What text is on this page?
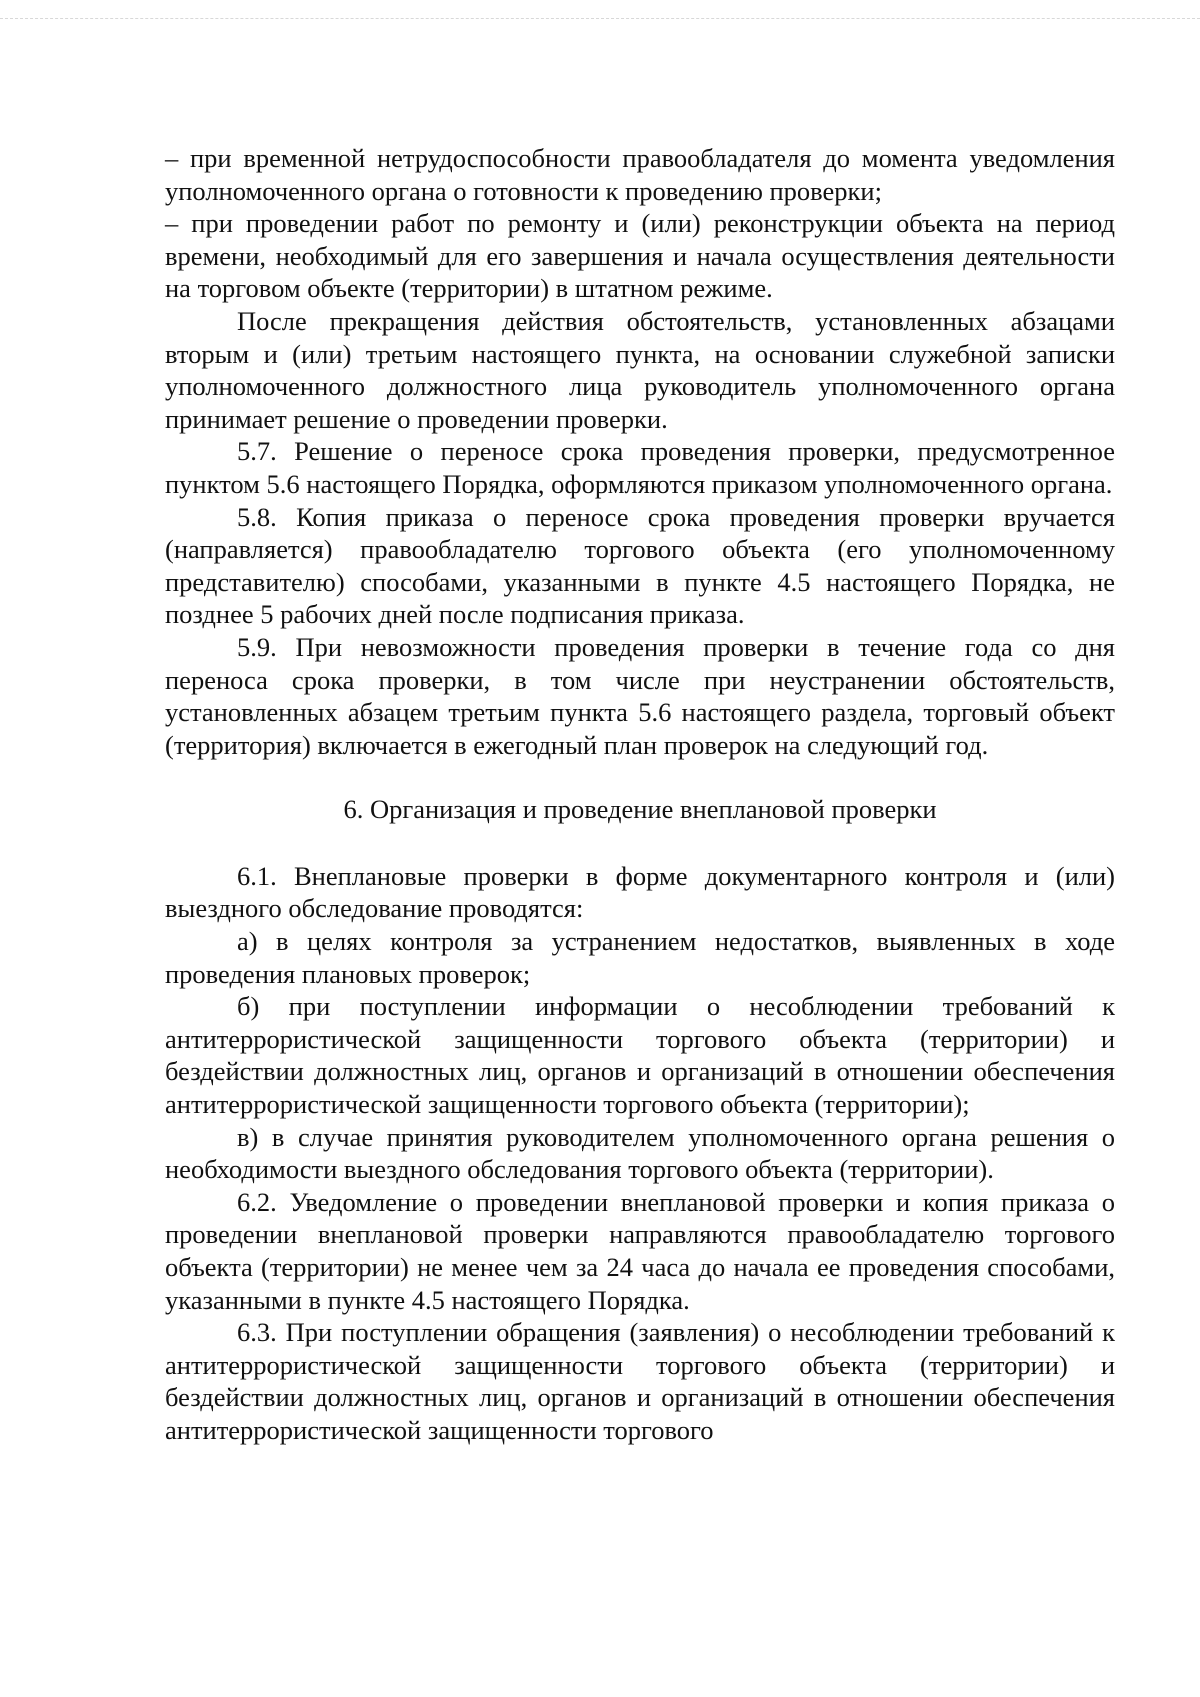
– при временной нетрудоспособности правообладателя до момента уведомления уполномоченного органа о готовности к проведению проверки;

– при проведении работ по ремонту и (или) реконструкции объекта на период времени, необходимый для его завершения и начала осуществления деятельности на торговом объекте (территории) в штатном режиме.

После прекращения действия обстоятельств, установленных абзацами вторым и (или) третьим настоящего пункта, на основании служебной записки уполномоченного должностного лица руководитель уполномоченного органа принимает решение о проведении проверки.

5.7. Решение о переносе срока проведения проверки, предусмотренное пунктом 5.6 настоящего Порядка, оформляются приказом уполномоченного органа.

5.8. Копия приказа о переносе срока проведения проверки вручается (направляется) правообладателю торгового объекта (его уполномоченному представителю) способами, указанными в пункте 4.5 настоящего Порядка, не позднее 5 рабочих дней после подписания приказа.

5.9. При невозможности проведения проверки в течение года со дня переноса срока проверки, в том числе при неустранении обстоятельств, установленных абзацем третьим пункта 5.6 настоящего раздела, торговый объект (территория) включается в ежегодный план проверок на следующий год.

6. Организация и проведение внеплановой проверки

6.1. Внеплановые проверки в форме документарного контроля и (или) выездного обследование проводятся:

а) в целях контроля за устранением недостатков, выявленных в ходе проведения плановых проверок;

б) при поступлении информации о несоблюдении требований к антитеррористической защищенности торгового объекта (территории) и бездействии должностных лиц, органов и организаций в отношении обеспечения антитеррористической защищенности торгового объекта (территории);

в) в случае принятия руководителем уполномоченного органа решения о необходимости выездного обследования торгового объекта (территории).

6.2. Уведомление о проведении внеплановой проверки и копия приказа о проведении внеплановой проверки направляются правообладателю торгового объекта (территории) не менее чем за 24 часа до начала ее проведения способами, указанными в пункте 4.5 настоящего Порядка.

6.3. При поступлении обращения (заявления) о несоблюдении требований к антитеррористической защищенности торгового объекта (территории) и бездействии должностных лиц, органов и организаций в отношении обеспечения антитеррористической защищенности торгового
